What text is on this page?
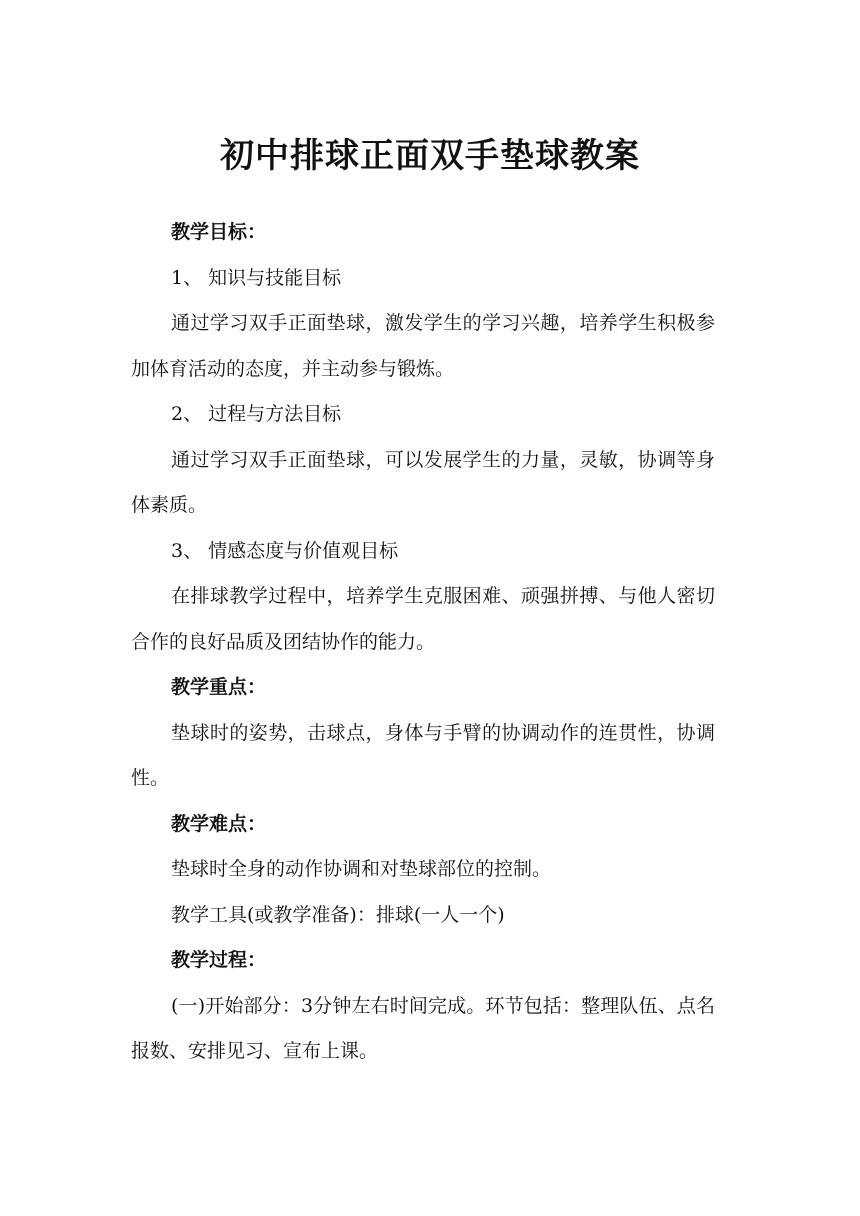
初中排球正面双手垫球教案

教学目标：

1、 知识与技能目标

通过学习双手正面垫球，激发学生的学习兴趣，培养学生积极参加体育活动的态度，并主动参与锻炼。

2、 过程与方法目标

通过学习双手正面垫球，可以发展学生的力量，灵敏，协调等身体素质。

3、 情感态度与价值观目标

在排球教学过程中，培养学生克服困难、顽强拼搏、与他人密切合作的良好品质及团结协作的能力。

教学重点：

垫球时的姿势，击球点，身体与手臂的协调动作的连贯性，协调性。

教学难点：

垫球时全身的动作协调和对垫球部位的控制。

教学工具(或教学准备)：排球(一人一个)

教学过程：

(一)开始部分：3分钟左右时间完成。环节包括：整理队伍、点名报数、安排见习、宣布上课。
